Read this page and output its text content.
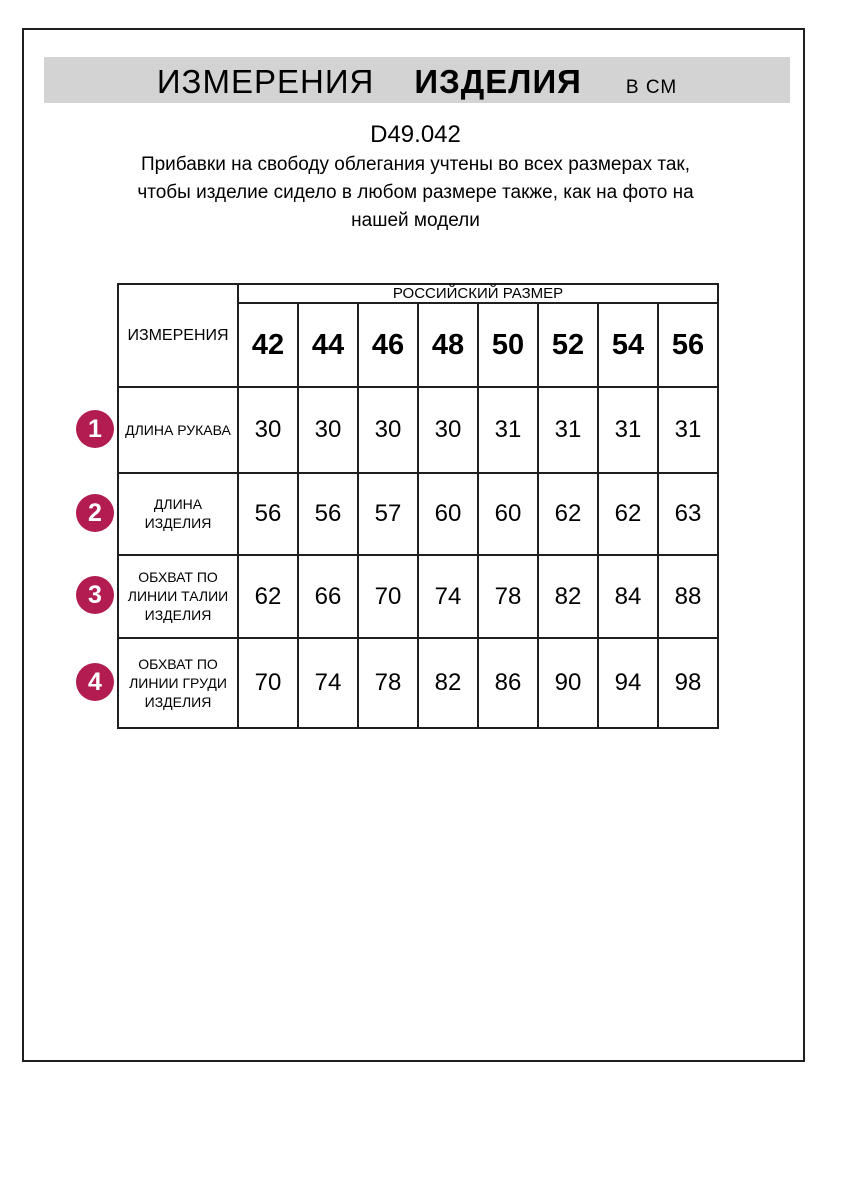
ИЗМЕРЕНИЯ ИЗДЕЛИЯ В СМ
D49.042
Прибавки на свободу облегания учтены во всех размерах так, чтобы изделие сидело в любом размере также, как на фото на нашей модели
ИЗМЕРЕНИЯ	РОССИЙСКИЙ РАЗМЕР							
	42	44	46	48	50	52	54	56

ДЛИНА РУКАВА	30	30	30	30	31	31	31	31

ДЛИНА
ИЗДЕЛИЯ	56	56	57	60	60	62	62	63

ОБХВАТ ПО
ЛИНИИ ТАЛИИ
ИЗДЕЛИЯ	62	66	70	74	78	82	84	88

ОБХВАТ ПО
ЛИНИИ ГРУДИ
ИЗДЕЛИЯ	70	74	78	82	86	90	94	98
1
2
3
4
